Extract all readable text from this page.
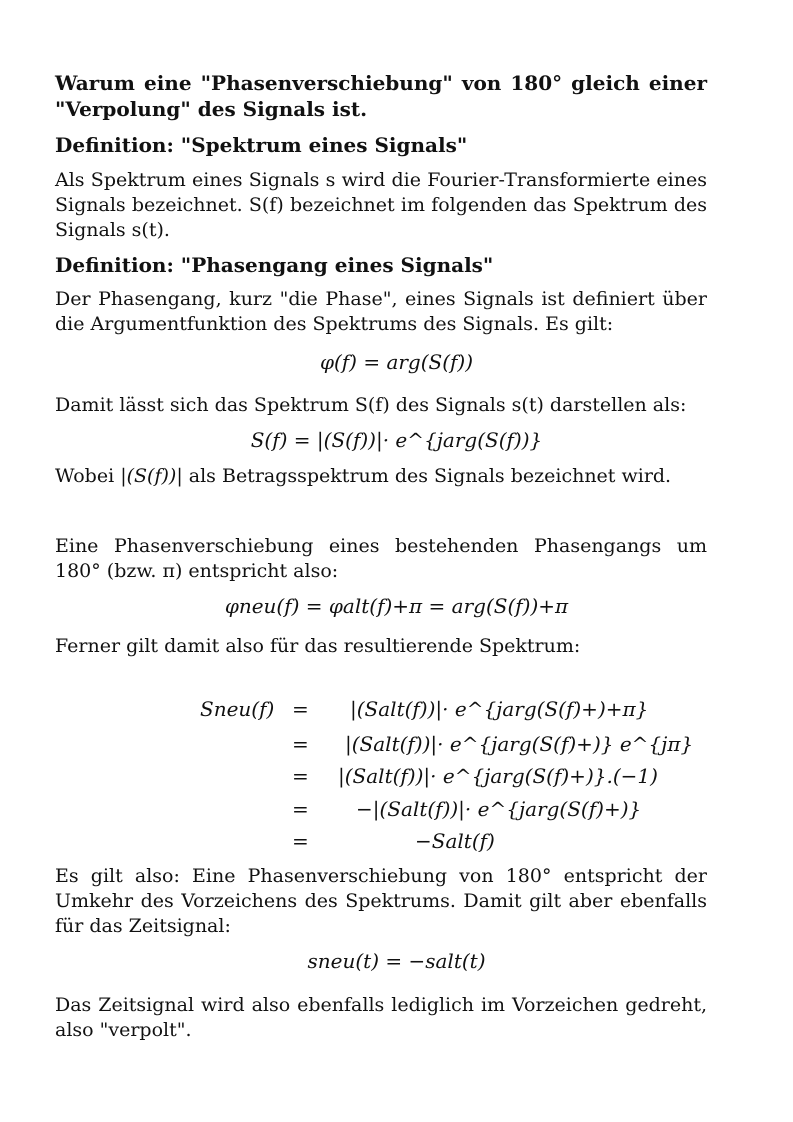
Warum eine "Phasenverschiebung" von 180° gleich einer "Verpolung" des Signals ist.
Definition: "Spektrum eines Signals"
Als Spektrum eines Signals s wird die Fourier-Transformierte eines Signals bezeichnet. S(f) bezeichnet im folgenden das Spektrum des Signals s(t).
Definition: "Phasengang eines Signals"
Der Phasengang, kurz "die Phase", eines Signals ist definiert über die Argumentfunktion des Spektrums des Signals. Es gilt:
φ(f) = arg(S(f))
Damit lässt sich das Spektrum S(f) des Signals s(t) darstellen als:
S(f) = |(S(f))|· e^{jarg(S(f))}
Wobei |(S(f))| als Betragsspektrum des Signals bezeichnet wird.
Eine Phasenverschiebung eines bestehenden Phasengangs um 180° (bzw. π) entspricht also:
φneu(f) = φalt(f)+π = arg(S(f))+π
Ferner gilt damit also für das resultierende Spektrum:
Sneu(f) = |(Salt(f))|· e^{jarg(S(f)+)+π}
= |(Salt(f))|· e^{jarg(S(f)+)} e^{jπ}
= |(Salt(f))|· e^{jarg(S(f)+)}.(−1)
= −|(Salt(f))|· e^{jarg(S(f)+)}
=	−Salt(f)
Es gilt also: Eine Phasenverschiebung von 180° entspricht der Umkehr des Vorzeichens des Spektrums. Damit gilt aber ebenfalls für das Zeitsignal:
sneu(t) = −salt(t)
Das Zeitsignal wird also ebenfalls lediglich im Vorzeichen gedreht, also "verpolt".
